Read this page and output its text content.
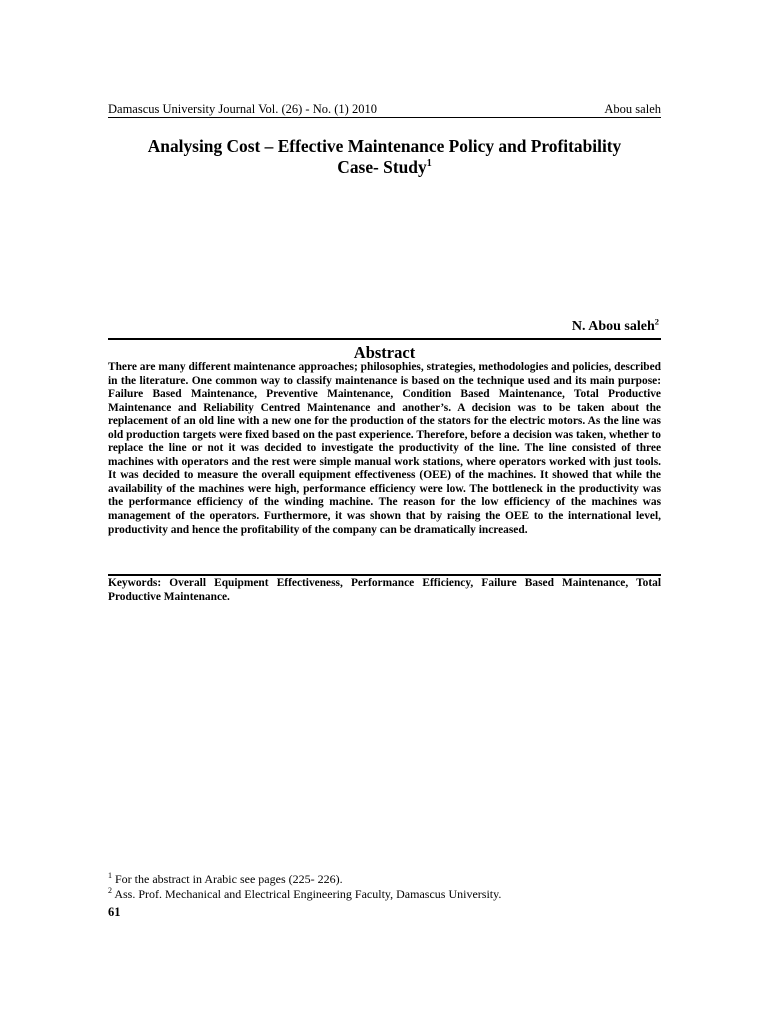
Damascus University Journal Vol. (26) - No. (1) 2010	Abou saleh
Analysing Cost – Effective Maintenance Policy and Profitability
Case- Study$^1$
N. Abou saleh$^2$
Abstract

There are many different maintenance approaches; philosophies, strategies, methodologies and policies, described in the literature. One common way to classify maintenance is based on the technique used and its main purpose: Failure Based Maintenance, Preventive Maintenance, Condition Based Maintenance, Total Productive Maintenance and Reliability Centred Maintenance and another’s. A decision was to be taken about the replacement of an old line with a new one for the production of the stators for the electric motors. As the line was old production targets were fixed based on the past experience. Therefore, before a decision was taken, whether to replace the line or not it was decided to investigate the productivity of the line. The line consisted of three machines with operators and the rest were simple manual work stations, where operators worked with just tools. It was decided to measure the overall equipment effectiveness (OEE) of the machines. It showed that while the availability of the machines were high, performance efficiency were low. The bottleneck in the productivity was the performance efficiency of the winding machine. The reason for the low efficiency of the machines was management of the operators. Furthermore, it was shown that by raising the OEE to the international level, productivity and hence the profitability of the company can be dramatically increased.

Keywords: Overall Equipment Effectiveness, Performance Efficiency, Failure Based Maintenance, Total Productive Maintenance.

$^1$ For the abstract in Arabic see pages (225- 226).

$^2$ Ass. Prof. Mechanical and Electrical Engineering Faculty, Damascus University.

61
